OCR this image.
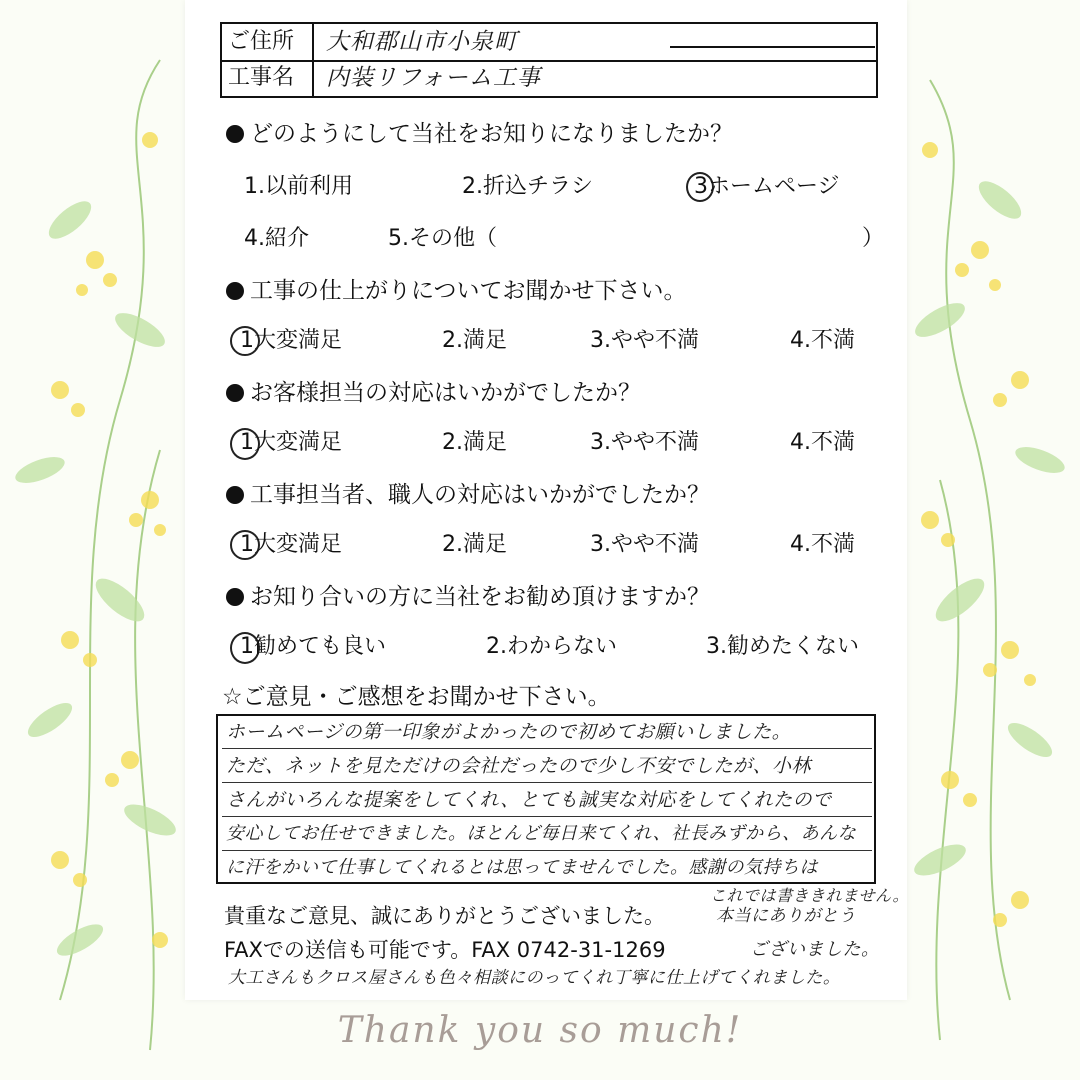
ご住所	大和郡山市小泉町
工事名	内装リフォーム工事
どのようにして当社をお知りになりましたか？
1.以前利用	2.折込チラシ	3ホームページ
4.紹介	5.その他（	）
工事の仕上がりについてお聞かせ下さい。
1大変満足	2.満足	3.やや不満	4.不満
お客様担当の対応はいかがでしたか？
1大変満足	2.満足	3.やや不満	4.不満
工事担当者、職人の対応はいかがでしたか？
1大変満足	2.満足	3.やや不満	4.不満
お知り合いの方に当社をお勧め頂けますか？
1勧めても良い	2.わからない	3.勧めたくない
☆ご意見・ご感想をお聞かせ下さい。
ホームページの第一印象がよかったので初めてお願いしました。
ただ、ネットを見ただけの会社だったので少し不安でしたが、小林
さんがいろんな提案をしてくれ、とても誠実な対応をしてくれたので
安心してお任せできました。ほとんど毎日来てくれ、社長みずから、あんな
に汗をかいて仕事してくれるとは思ってませんでした。感謝の気持ちは
これでは書ききれません。
貴重なご意見、誠にありがとうございました。	本当にありがとう
FAXでの送信も可能です。FAX 0742-31-1269	ございました。
大工さんもクロス屋さんも色々相談にのってくれ丁寧に仕上げてくれました。
Thank you so much!
